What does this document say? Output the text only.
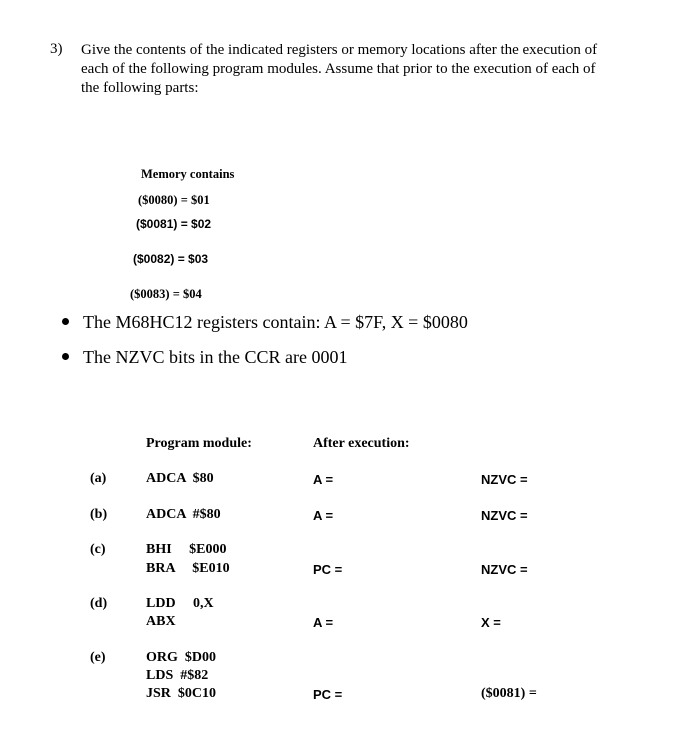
3) Give the contents of the indicated registers or memory locations after the execution of
each of the following program modules. Assume that prior to the execution of each of
the following parts:
Memory contains
($0080) = $01
($0081) = $02
($0082) = $03
($0083) = $04
The M68HC12 registers contain: A = $7F, X = $0080
The NZVC bits in the CCR are 0001
Program module:	After execution:
(a)	ADCA  $80	A =	NZVC =
(b)	ADCA  #$80	A =	NZVC =
(c)	BHI     $E000
BRA     $E010	PC =	NZVC =
(d)	LDD     0,X
ABX	A =	X =
(e)	ORG  $D00
LDS  #$82
JSR  $0C10	PC =	($0081) =
